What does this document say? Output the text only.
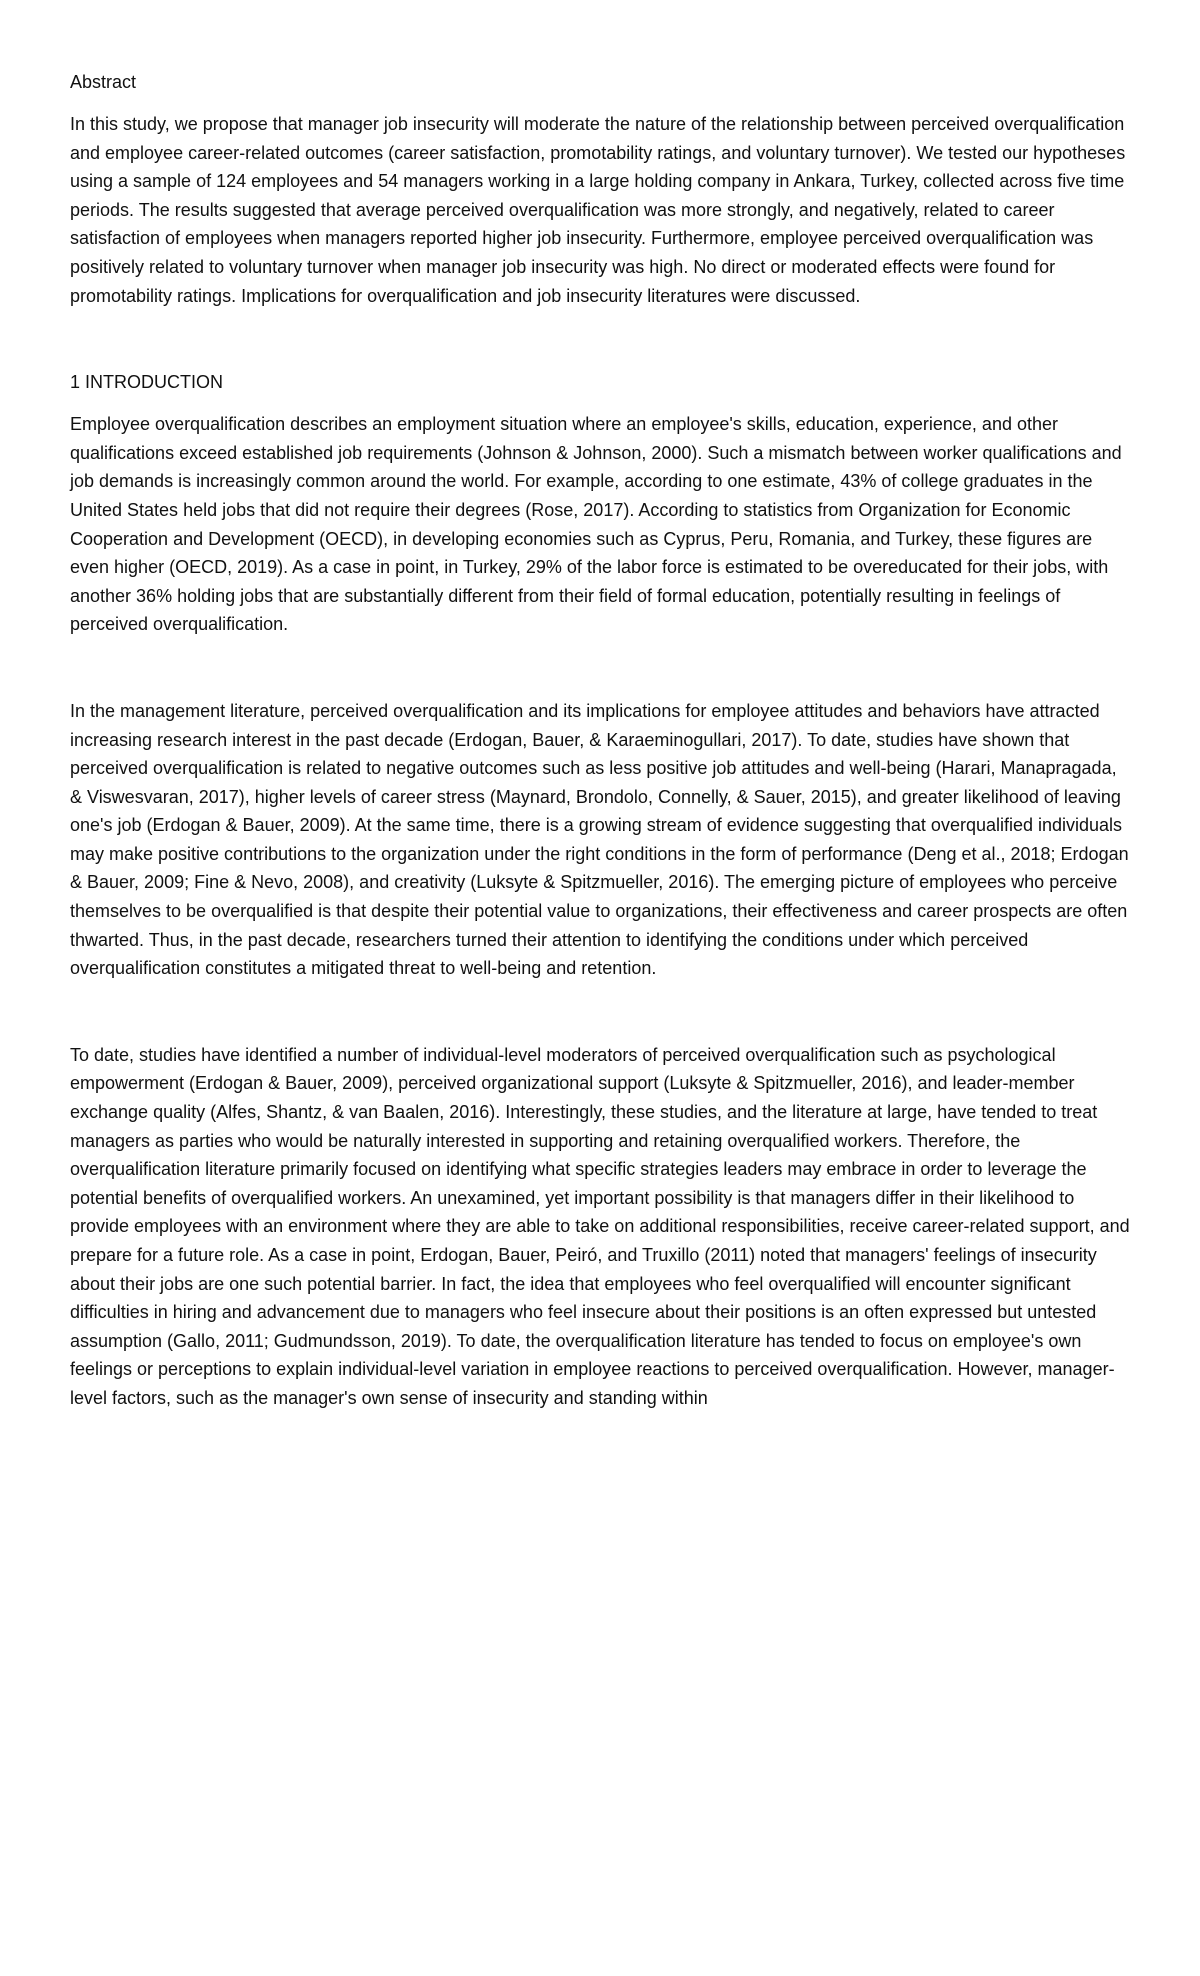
Abstract

In this study, we propose that manager job insecurity will moderate the nature of the relationship between perceived overqualification and employee career-related outcomes (career satisfaction, promotability ratings, and voluntary turnover). We tested our hypotheses using a sample of 124 employees and 54 managers working in a large holding company in Ankara, Turkey, collected across five time periods. The results suggested that average perceived overqualification was more strongly, and negatively, related to career satisfaction of employees when managers reported higher job insecurity. Furthermore, employee perceived overqualification was positively related to voluntary turnover when manager job insecurity was high. No direct or moderated effects were found for promotability ratings. Implications for overqualification and job insecurity literatures were discussed.

1 INTRODUCTION

Employee overqualification describes an employment situation where an employee's skills, education, experience, and other qualifications exceed established job requirements (Johnson & Johnson, 2000). Such a mismatch between worker qualifications and job demands is increasingly common around the world. For example, according to one estimate, 43% of college graduates in the United States held jobs that did not require their degrees (Rose, 2017). According to statistics from Organization for Economic Cooperation and Development (OECD), in developing economies such as Cyprus, Peru, Romania, and Turkey, these figures are even higher (OECD, 2019). As a case in point, in Turkey, 29% of the labor force is estimated to be overeducated for their jobs, with another 36% holding jobs that are substantially different from their field of formal education, potentially resulting in feelings of perceived overqualification.

In the management literature, perceived overqualification and its implications for employee attitudes and behaviors have attracted increasing research interest in the past decade (Erdogan, Bauer, & Karaeminogullari, 2017). To date, studies have shown that perceived overqualification is related to negative outcomes such as less positive job attitudes and well-being (Harari, Manapragada, & Viswesvaran, 2017), higher levels of career stress (Maynard, Brondolo, Connelly, & Sauer, 2015), and greater likelihood of leaving one's job (Erdogan & Bauer, 2009). At the same time, there is a growing stream of evidence suggesting that overqualified individuals may make positive contributions to the organization under the right conditions in the form of performance (Deng et al., 2018; Erdogan & Bauer, 2009; Fine & Nevo, 2008), and creativity (Luksyte & Spitzmueller, 2016). The emerging picture of employees who perceive themselves to be overqualified is that despite their potential value to organizations, their effectiveness and career prospects are often thwarted. Thus, in the past decade, researchers turned their attention to identifying the conditions under which perceived overqualification constitutes a mitigated threat to well-being and retention.

To date, studies have identified a number of individual-level moderators of perceived overqualification such as psychological empowerment (Erdogan & Bauer, 2009), perceived organizational support (Luksyte & Spitzmueller, 2016), and leader-member exchange quality (Alfes, Shantz, & van Baalen, 2016). Interestingly, these studies, and the literature at large, have tended to treat managers as parties who would be naturally interested in supporting and retaining overqualified workers. Therefore, the overqualification literature primarily focused on identifying what specific strategies leaders may embrace in order to leverage the potential benefits of overqualified workers. An unexamined, yet important possibility is that managers differ in their likelihood to provide employees with an environment where they are able to take on additional responsibilities, receive career-related support, and prepare for a future role. As a case in point, Erdogan, Bauer, Peiró, and Truxillo (2011) noted that managers' feelings of insecurity about their jobs are one such potential barrier. In fact, the idea that employees who feel overqualified will encounter significant difficulties in hiring and advancement due to managers who feel insecure about their positions is an often expressed but untested assumption (Gallo, 2011; Gudmundsson, 2019). To date, the overqualification literature has tended to focus on employee's own feelings or perceptions to explain individual-level variation in employee reactions to perceived overqualification. However, manager-level factors, such as the manager's own sense of insecurity and standing within
